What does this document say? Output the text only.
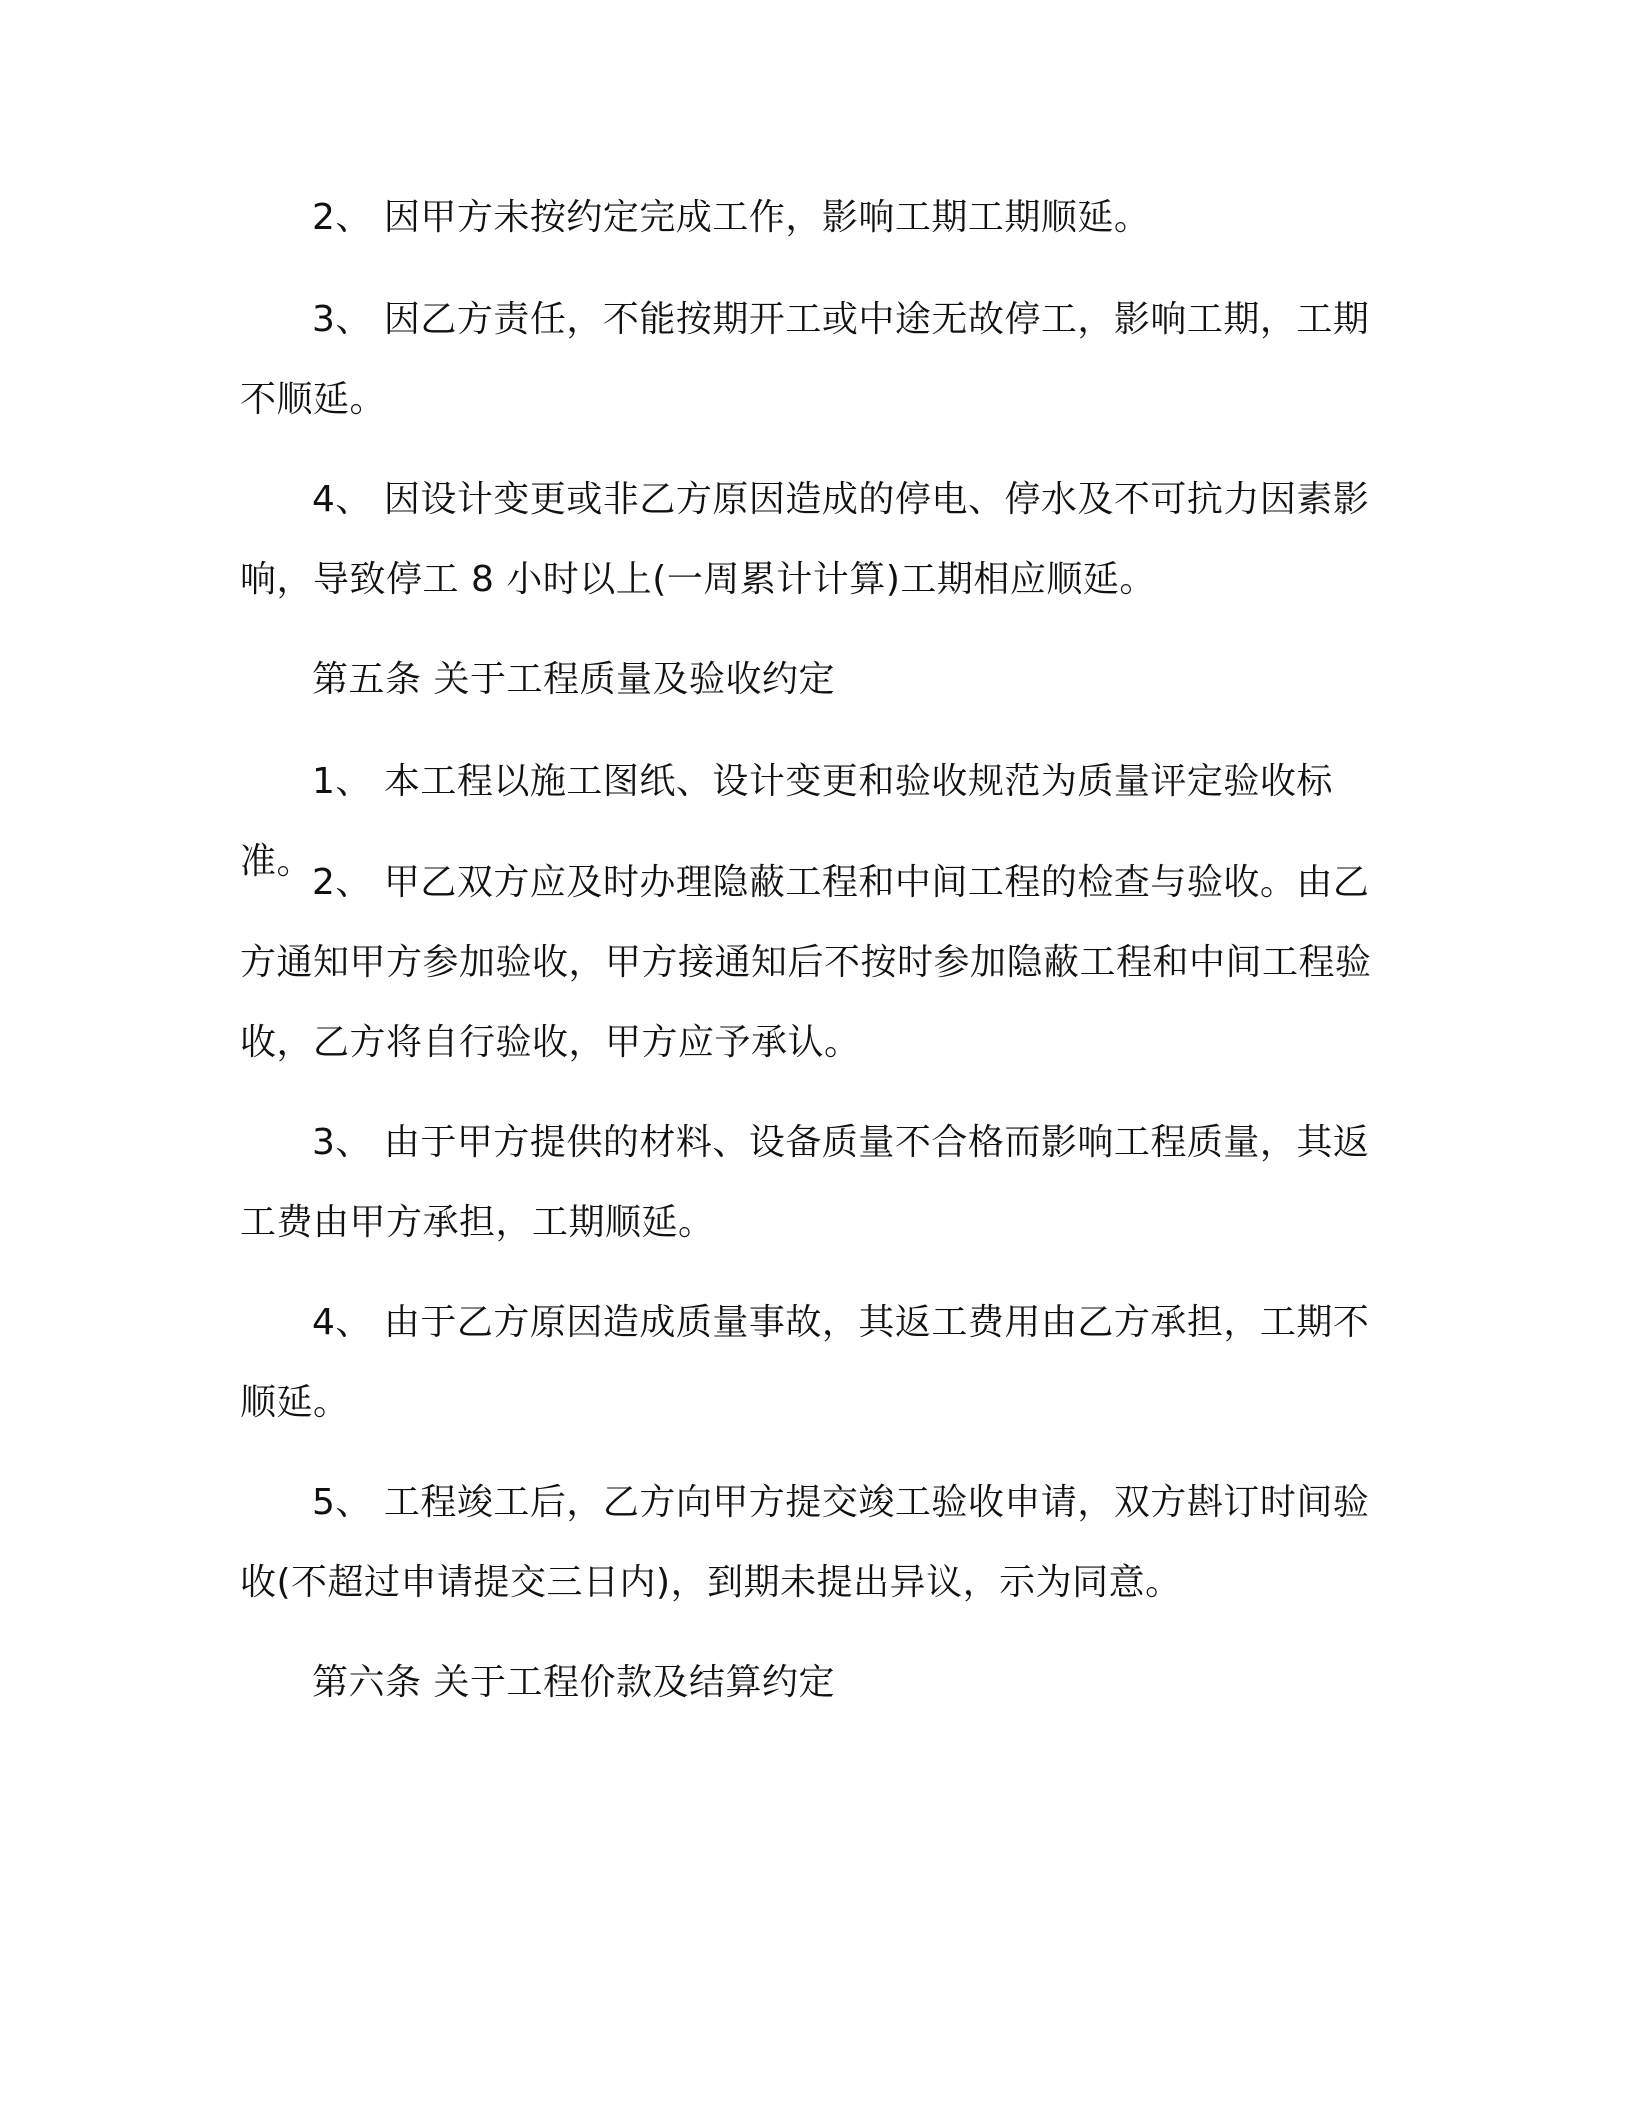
2、 因甲方未按约定完成工作，影响工期工期顺延。

3、 因乙方责任，不能按期开工或中途无故停工，影响工期，工期不顺延。

4、 因设计变更或非乙方原因造成的停电、停水及不可抗力因素影响，导致停工 8 小时以上(一周累计计算)工期相应顺延。

第五条 关于工程质量及验收约定

1、 本工程以施工图纸、设计变更和验收规范为质量评定验收标准。

2、 甲乙双方应及时办理隐蔽工程和中间工程的检查与验收。由乙方通知甲方参加验收，甲方接通知后不按时参加隐蔽工程和中间工程验收，乙方将自行验收，甲方应予承认。

3、 由于甲方提供的材料、设备质量不合格而影响工程质量，其返工费由甲方承担，工期顺延。

4、 由于乙方原因造成质量事故，其返工费用由乙方承担，工期不顺延。

5、 工程竣工后，乙方向甲方提交竣工验收申请，双方斟订时间验收(不超过申请提交三日内)，到期未提出异议，示为同意。

第六条 关于工程价款及结算约定
